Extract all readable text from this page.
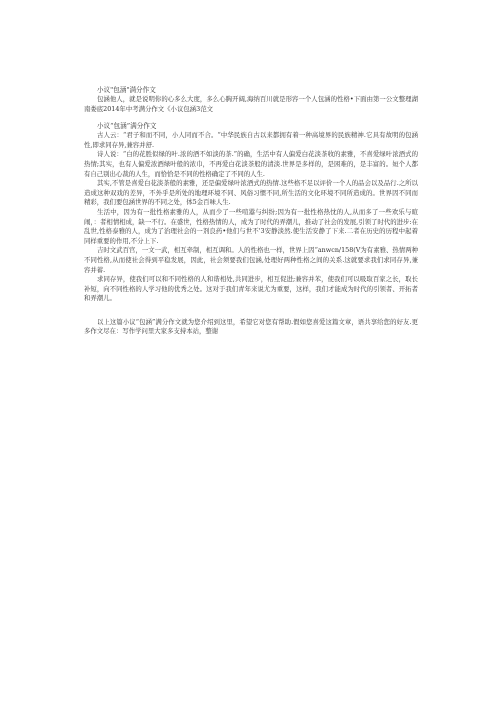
小议"包涵"满分作文

包涵他人，就是说明你的心多么大度，多么心胸开阔,海纳百川就是形容一个人包涵的性格•下面由第一公文整理湖南娄底2014年中考满分作文《小议包涵3范文

小议“包涵”满分作文

古人云：“君子和而不同，小人同而不合。“中华民族自古以来都拥有着一种高境界的民族精神.它具有故明的包涵性,即求同存异,兼容并舒.

诗人说：“白的花胜似绿的叶.浓的酒不如淡的茶.”的确，生活中有人偏爱白花淡茶收的素雅，不喜爱绿叶浓酒式的热情;其实，也有人偏爱浓酒绿叶般的浓巾，不再爱白花淡茶般的清淡.世界是多样的，是困难的，是丰富的。姮个人都有自己别出心裁的人生，而恰恰是不同的性格确定了不同的人生.

其实,不管是喜爱白花淡茶般的素雅，还是偏爱绿叶浓酒式的热情.这些格不足以评价一个人的品会以及品行.之所以造成这种双戏的差异，不外乎是所处的地理环境不同、风俗习惯不同,所生活的文化环境不同所造成的。世界因不同而精彩，我们要包涵世界的不同之处，体5金百味人生.

生活中，因为有一批性格素雅的人，从而少了一些喧嚣与纠纷;因为有一批性格热忱的人,从而多了一些欢乐与暄闹，：者相情相成，缺一不行。在盛世，性格热情的人，成为了时代的弄潮儿，推动了社会的发展,引领了时代的进步:在乱世,性格泰雅的人，成为了治理社会的一剂良药•他们与世不'3安静淡然.使生活安静了下来.二者在历史的历程中起着同样重要的作用,不分上下.

吉时文武百官，一文一武，相互牵制，相互调和。人的性格也一样，世界上因“anwcn/158(V为有素雅、热情两种不同性格,从而使社会得到平稳发展，因此，社会须要我们包涵,处理好两种性格之间的关系.这就要求我们求同存异,兼容并蓄.

求同存异，使我们可以和不同性格的人和谐相处,共同进步，相互促进;兼容并苯，使我们可以吸取百家之长，取长补短，向不同性格的人学习他的优秀之处。这对于我们青年来说尤为重要，这样，我们才能成为时代的引领者、开拓者和弄潮儿。

以上这篇小议“包涵”满分作文就为您介绍到这里，希望它对您有帮助.假如您喜爱这篇文章，语共享给您的好友.更多作文尽在：写作学问里大家多支持本站，整谢
